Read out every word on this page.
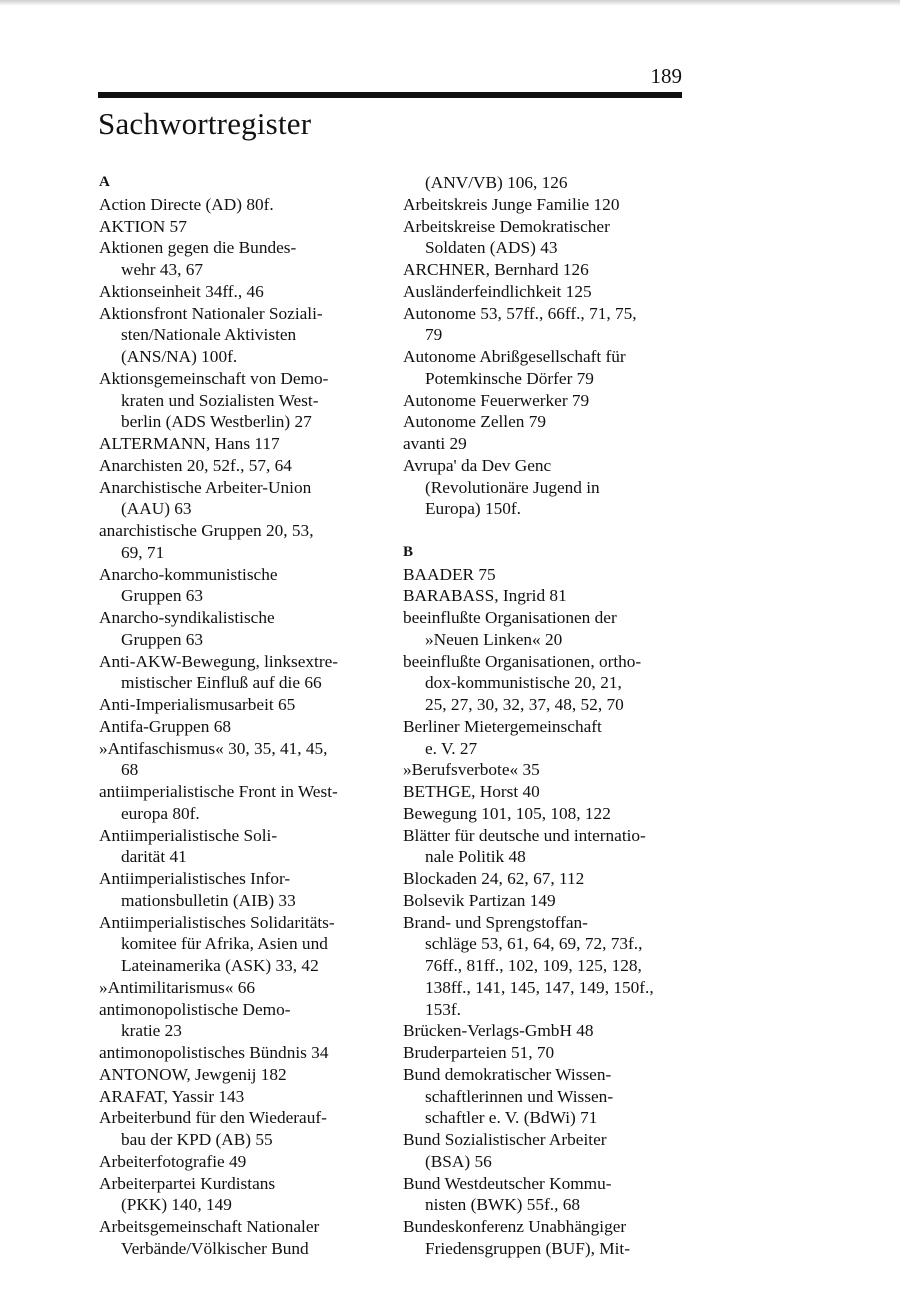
189
Sachwortregister
A
Action Directe (AD) 80f.
AKTION 57
Aktionen gegen die Bundes-
wehr 43, 67
Aktionseinheit 34ff., 46
Aktionsfront Nationaler Soziali-
sten/Nationale Aktivisten
(ANS/NA) 100f.
Aktionsgemeinschaft von Demo-
kraten und Sozialisten West-
berlin (ADS Westberlin) 27
ALTERMANN, Hans 117
Anarchisten 20, 52f., 57, 64
Anarchistische Arbeiter-Union
(AAU) 63
anarchistische Gruppen 20, 53,
69, 71
Anarcho-kommunistische
Gruppen 63
Anarcho-syndikalistische
Gruppen 63
Anti-AKW-Bewegung, linksextre-
mistischer Einfluß auf die 66
Anti-Imperialismusarbeit 65
Antifa-Gruppen 68
»Antifaschismus« 30, 35, 41, 45,
68
antiimperialistische Front in West-
europa 80f.
Antiimperialistische Soli-
darität 41
Antiimperialistisches Infor-
mationsbulletin (AIB) 33
Antiimperialistisches Solidaritäts-
komitee für Afrika, Asien und
Lateinamerika (ASK) 33, 42
»Antimilitarismus« 66
antimonopolistische Demo-
kratie 23
antimonopolistisches Bündnis 34
ANTONOW, Jewgenij 182
ARAFAT, Yassir 143
Arbeiterbund für den Wiederauf-
bau der KPD (AB) 55
Arbeiterfotografie 49
Arbeiterpartei Kurdistans
(PKK) 140, 149
Arbeitsgemeinschaft Nationaler
Verbände/Völkischer Bund
(ANV/VB) 106, 126
Arbeitskreis Junge Familie 120
Arbeitskreise Demokratischer
Soldaten (ADS) 43
ARCHNER, Bernhard 126
Ausländerfeindlichkeit 125
Autonome 53, 57ff., 66ff., 71, 75,
79
Autonome Abrißgesellschaft für
Potemkinsche Dörfer 79
Autonome Feuerwerker 79
Autonome Zellen 79
avanti 29
Avrupa' da Dev Genc
(Revolutionäre Jugend in
Europa) 150f.
B
BAADER 75
BARABASS, Ingrid 81
beeinflußte Organisationen der
»Neuen Linken« 20
beeinflußte Organisationen, ortho-
dox-kommunistische 20, 21,
25, 27, 30, 32, 37, 48, 52, 70
Berliner Mietergemeinschaft
e. V. 27
»Berufsverbote« 35
BETHGE, Horst 40
Bewegung 101, 105, 108, 122
Blätter für deutsche und internatio-
nale Politik 48
Blockaden 24, 62, 67, 112
Bolsevik Partizan 149
Brand- und Sprengstoffan-
schläge 53, 61, 64, 69, 72, 73f.,
76ff., 81ff., 102, 109, 125, 128,
138ff., 141, 145, 147, 149, 150f.,
153f.
Brücken-Verlags-GmbH 48
Bruderparteien 51, 70
Bund demokratischer Wissen-
schaftlerinnen und Wissen-
schaftler e. V. (BdWi) 71
Bund Sozialistischer Arbeiter
(BSA) 56
Bund Westdeutscher Kommu-
nisten (BWK) 55f., 68
Bundeskonferenz Unabhängiger
Friedensgruppen (BUF), Mit-
